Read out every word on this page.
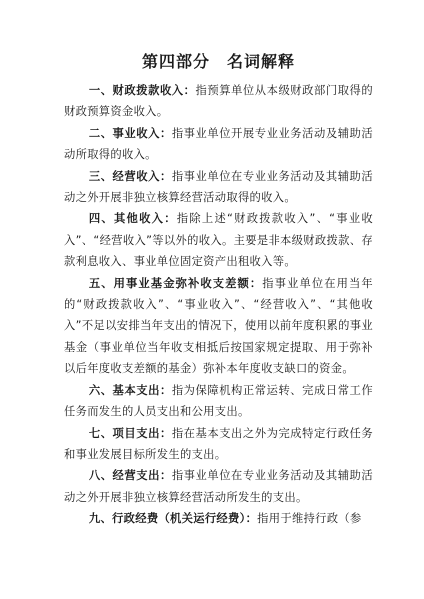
第四部分　名词解释

一、财政拨款收入：指预算单位从本级财政部门取得的财政预算资金收入。

二、事业收入：指事业单位开展专业业务活动及辅助活动所取得的收入。

三、经营收入：指事业单位在专业业务活动及其辅助活动之外开展非独立核算经营活动取得的收入。

四、其他收入：指除上述“财政拨款收入”、“事业收入”、“经营收入”等以外的收入。主要是非本级财政拨款、存款利息收入、事业单位固定资产出租收入等。

五、用事业基金弥补收支差额：指事业单位在用当年的“财政拨款收入”、“事业收入”、“经营收入”、“其他收入”不足以安排当年支出的情况下，使用以前年度积累的事业基金（事业单位当年收支相抵后按国家规定提取、用于弥补以后年度收支差额的基金）弥补本年度收支缺口的资金。

六、基本支出：指为保障机构正常运转、完成日常工作任务而发生的人员支出和公用支出。

七、项目支出：指在基本支出之外为完成特定行政任务和事业发展目标所发生的支出。

八、经营支出：指事业单位在专业业务活动及其辅助活动之外开展非独立核算经营活动所发生的支出。

九、行政经费（机关运行经费）：指用于维持行政（参
